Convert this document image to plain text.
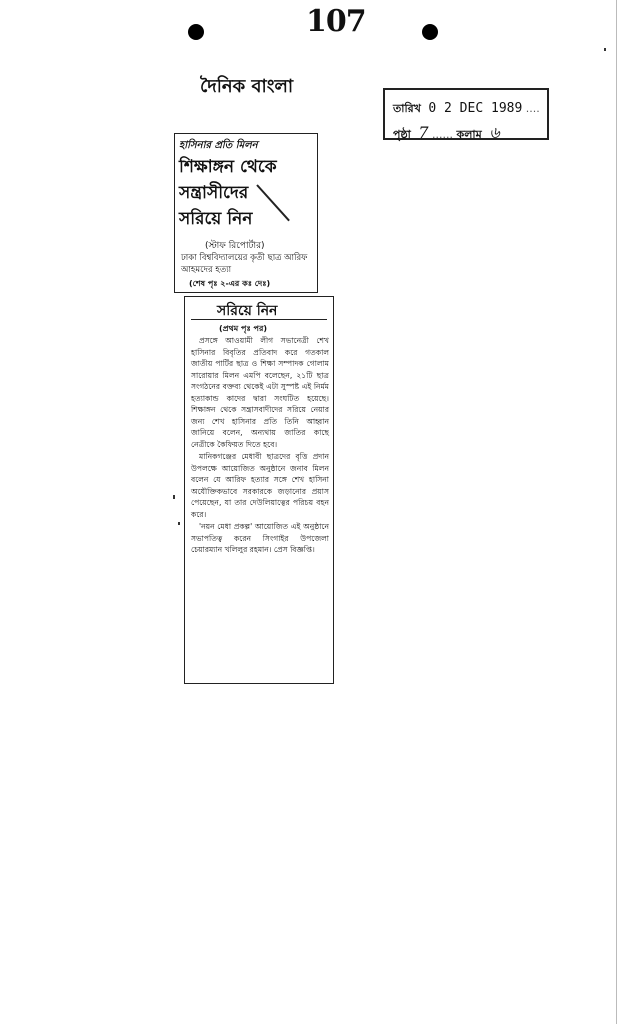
107
দৈনিক বাংলা
তারিখ 0 2 DEC 1989 ....
পৃষ্ঠা 7 ...... কলাম ৬
হাসিনার প্রতি মিলন
শিক্ষাঙ্গন থেকে
সন্ত্রাসীদের
সরিয়ে নিন
(স্টাফ রিপোর্টার)
ঢাকা বিশ্ববিদ্যালয়ের কৃতী ছাত্র আরিফ আহমদের হত্যা
(শেষ পৃঃ ২-এর কঃ দেঃ)
সরিয়ে নিন
(প্রথম পৃঃ পর)

প্রসঙ্গে আওয়ামী লীগ সভানেত্রী শেখ হাসিনার বিবৃতির প্রতিবাদ করে গতকাল জাতীয় পার্টির ছাত্র ও শিক্ষা সম্পাদক গোলাম সারোয়ার মিলন এমপি বলেছেন, ২১টি ছাত্র সংগঠনের বক্তব্য থেকেই এটা সুস্পষ্ট এই নির্মম হত্যাকান্ড কাদের দ্বারা সংঘটিত হয়েছে। শিক্ষাঙ্গন থেকে সন্ত্রাসবাদীদের সরিয়ে নেয়ার জন্য শেখ হাসিনার প্রতি তিনি আহ্বান জানিয়ে বলেন, অন্যথায় জাতির কাছে নেত্রীকে কৈফিয়ত দিতে হবে।

মানিকগঞ্জের মেধাবী ছাত্রদের বৃত্তি প্রদান উপলক্ষে আয়োজিত অনুষ্ঠানে জনাব মিলন বলেন যে আরিফ হত্যার সঙ্গে শেখ হাসিনা অযৌক্তিকভাবে সরকারকে জড়ানোর প্রয়াস পেয়েছেন, যা তার দেউলিয়াত্বের পরিচয় বহন করে।

'নয়ন মেধা প্রকল্প' আয়োজিত এই অনুষ্ঠানে সভাপতিত্ব করেন সিংগাইর উপজেলা চেয়ারম্যান খলিলুর রহমান। প্রেস বিজ্ঞপ্তি।
